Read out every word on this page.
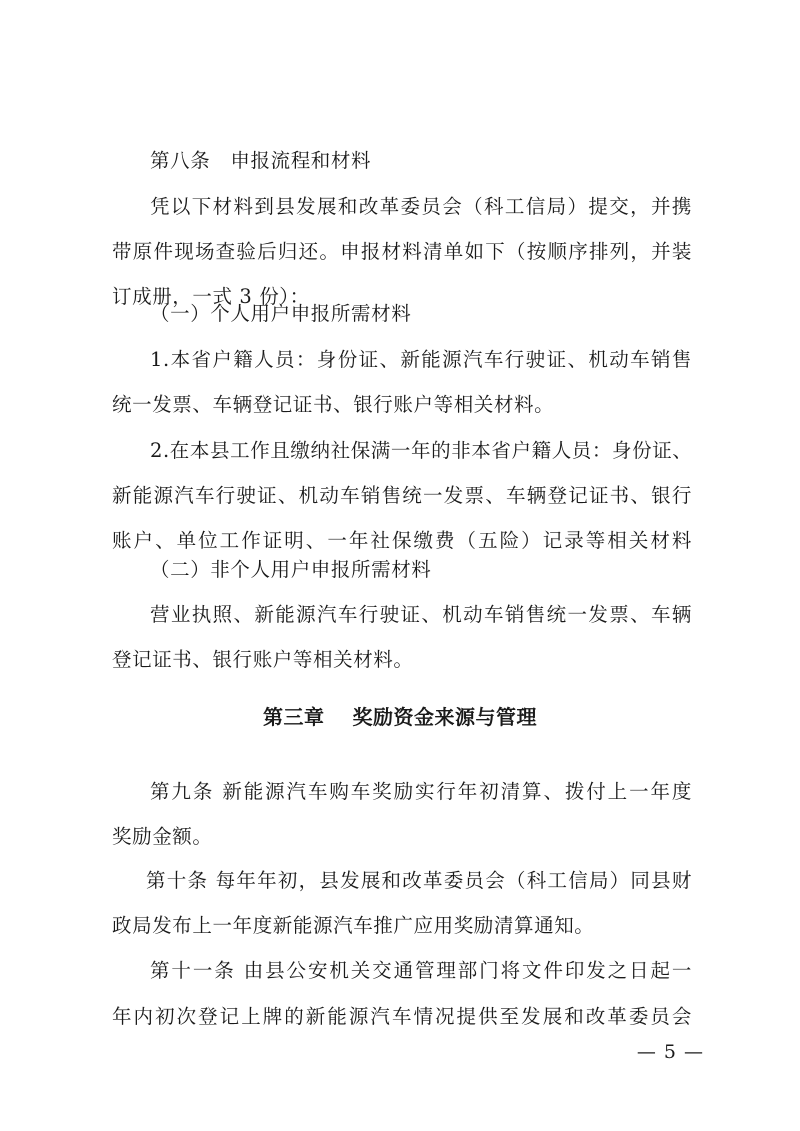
第八条　申报流程和材料
凭以下材料到县发展和改革委员会（科工信局）提交，并携
带原件现场查验后归还。申报材料清单如下（按顺序排列，并装
订成册，一式 3 份）：
（一）个人用户申报所需材料
1.本省户籍人员：身份证、新能源汽车行驶证、机动车销售
统一发票、车辆登记证书、银行账户等相关材料。
2.在本县工作且缴纳社保满一年的非本省户籍人员：身份证、
新能源汽车行驶证、机动车销售统一发票、车辆登记证书、银行
账户、单位工作证明、一年社保缴费（五险）记录等相关材料
（二）非个人用户申报所需材料
营业执照、新能源汽车行驶证、机动车销售统一发票、车辆
登记证书、银行账户等相关材料。
第三章 奖励资金来源与管理
第九条 新能源汽车购车奖励实行年初清算、拨付上一年度
奖励金额。
第十条 每年年初，县发展和改革委员会（科工信局）同县财
政局发布上一年度新能源汽车推广应用奖励清算通知。
第十一条 由县公安机关交通管理部门将文件印发之日起一
年内初次登记上牌的新能源汽车情况提供至发展和改革委员会
— 5 —
